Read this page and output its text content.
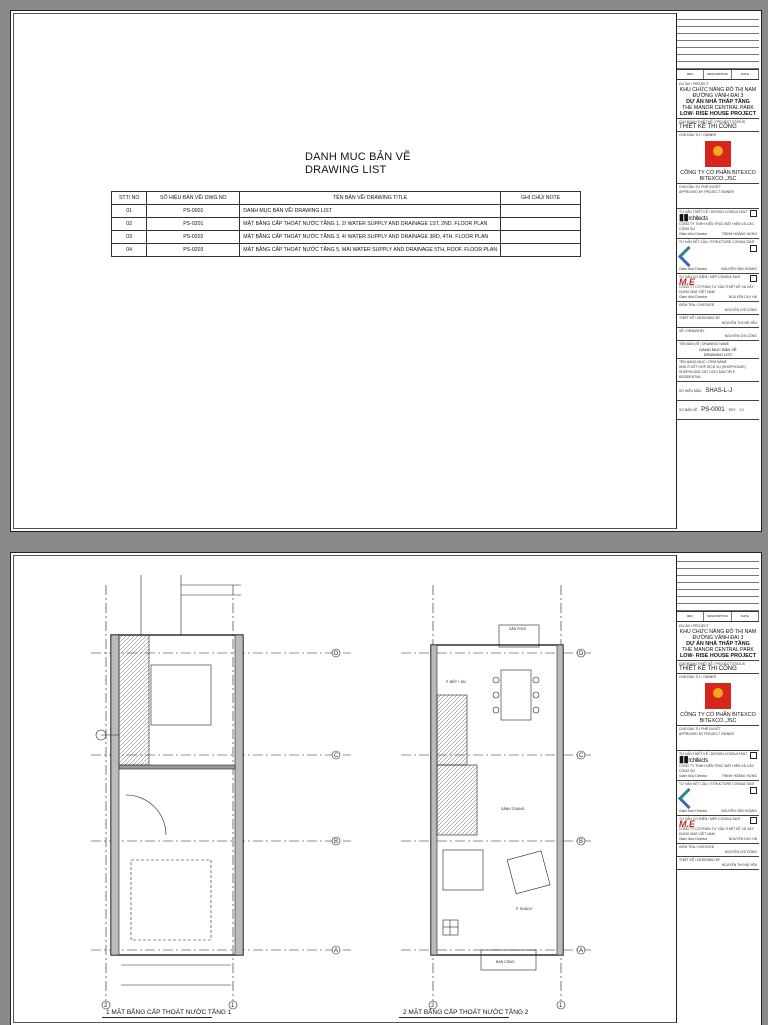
DANH MUC BẢN VẼ
DRAWING LIST
STT/ NO	SỐ HIỆU BẢN VẼ/ DWG.NO	TÊN BẢN VẼ/ DRAWING TITLE	GHI CHÚ/ NOTE
01	PS-0001	DANH MỤC BẢN VẼ/ DRAWING LIST	
02	PS-0201	MẶT BẰNG CẤP THOÁT NƯỚC TẦNG 1, 2/ WATER SUPPLY AND DRAINAGE 1ST, 2ND. FLOOR PLAN	
03	PS-0202	MẶT BẰNG CẤP THOÁT NƯỚC TẦNG 3, 4/ WATER SUPPLY AND DRAINAGE 3RD, 4TH. FLOOR PLAN	
04	PS-0203	MẶT BẰNG CẤP THOÁT NƯỚC TẦNG 5, MÁI WATER SUPPLY AND DRAINAGE 5TH, ROOF. FLOOR PLAN	
REV	DESCRIPTION	DATE
DỰ ÁN / PROJECT
KHU CHỨC NĂNG ĐÔ THỊ NAM
ĐƯỜNG VÀNH ĐAI 3
DỰ ÁN NHÀ THẤP TẦNG
THE MANOR CENTRAL PARK
LOW- RISE HOUSE PROJECT
GIAI ĐOẠN THIẾT KẾ / PROJECT STATUS
THIẾT KẾ THI CÔNG
CHỦ ĐẦU TƯ / OWNER
CÔNG TY CỔ PHẦN BITEXCO
BITEXCO.,JSC
CHỦ ĐẦU TƯ PHÊ DUYỆT
APPROVED BY PROJECT OWNER
TƯ VẤN THIẾT KẾ / DESIGN CONSULTANT
▮▮rchitects
CÔNG TY TNHH KIẾN TRÚC ĐẶT HIỂN VÀ CÁC CỘNG SỰ
Giám đốc/ Director	TRỊNH HOÀNG HƯNG
TƯ VẤN KẾT CẤU / STRUCTURE CONSULTANT
Giám đốc/ Director	NGUYỄN VĂN HOÀNG
TƯ VẤN CƠ ĐIỆN / MEP CONSULTANT
M.E
CÔNG TY CỔ PHẦN TƯ VẤN THIẾT KẾ VÀ XÂY DỰNG M&E VIỆT NAM
Giám đốc/ Director	NGUYỄN DUY HÀ
KIỂM TRA / CHECKED
NGUYỄN CHÍ CÔNG
THIẾT KẾ / DESIGNED BY
NGUYỄN THỊ HẢI YẾN
VẼ / DRAWN BY
NGUYỄN CHÍ CÔNG
TÊN BẢN VẼ / DRAWING NAME
DANH MỤC BẢN VẼ
DRAWING LIST
TÊN HẠNG MỤC / ITEM NAME
NHÀ Ở KẾT HỢP DỊCH VỤ (SHOPHOUSE)
SHOPHOUSE CẮT GÓC/ MULTIPLE RESIDENTIAL
SỐ HIỆU MẪU SHAS-L-J
SỐ BẢN VẼ PS-0001	REV	C1
D
C
B
A
2	1
1 MẶT BẰNG CẤP THOÁT NƯỚC TẦNG 1
P. BẾP + ĂN
SÂN PHƠI
SẢNH T.ĐANG
P. KHÁCH
BAN CÔNG
D
C
B
A
2	1
2 MẶT BẰNG CẤP THOÁT NƯỚC TẦNG 2
REV	DESCRIPTION	DATE
DỰ ÁN / PROJECT
KHU CHỨC NĂNG ĐÔ THỊ NAM
ĐƯỜNG VÀNH ĐAI 3
DỰ ÁN NHÀ THẤP TẦNG
THE MANOR CENTRAL PARK
LOW- RISE HOUSE PROJECT
GIAI ĐOẠN THIẾT KẾ / PROJECT STATUS
THIẾT KẾ THI CÔNG
CHỦ ĐẦU TƯ / OWNER
CÔNG TY CỔ PHẦN BITEXCO
BITEXCO.,JSC
CHỦ ĐẦU TƯ PHÊ DUYỆT
APPROVED BY PROJECT OWNER
TƯ VẤN THIẾT KẾ / DESIGN CONSULTANT
▮▮rchitects
CÔNG TY TNHH KIẾN TRÚC ĐẶT HIỂN VÀ CÁC CỘNG SỰ
Giám đốc/ Director	TRỊNH HOÀNG HƯNG
TƯ VẤN KẾT CẤU / STRUCTURE CONSULTANT
Giám đốc/ Director	NGUYỄN VĂN HOÀNG
TƯ VẤN CƠ ĐIỆN / MEP CONSULTANT
M.E
CÔNG TY CỔ PHẦN TƯ VẤN THIẾT KẾ VÀ XÂY DỰNG M&E VIỆT NAM
Giám đốc/ Director	NGUYỄN DUY HÀ
KIỂM TRA / CHECKED
NGUYỄN CHÍ CÔNG
THIẾT KẾ / DESIGNED BY
NGUYỄN THỊ HẢI YẾN
